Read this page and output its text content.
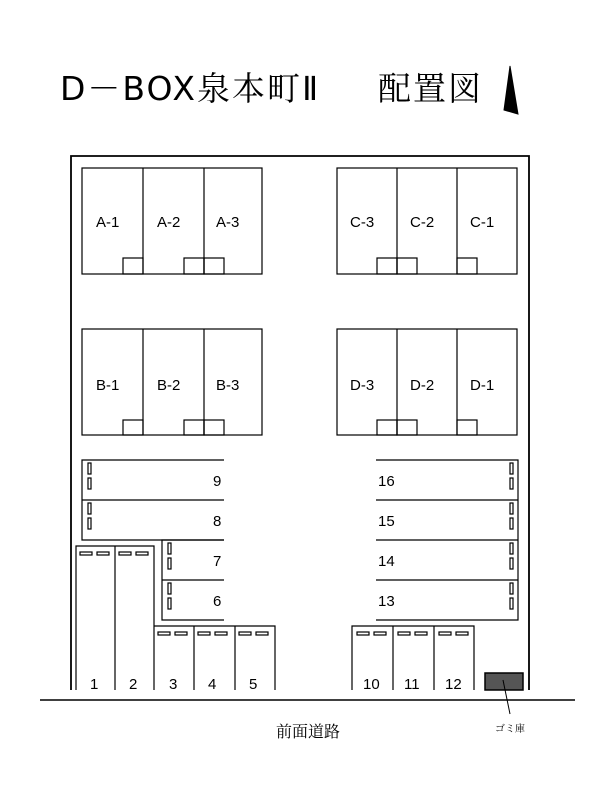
D－BOX泉本町Ⅱ 配置図
A-1	A-2 A-3	C-3 C-2 C-1
B-1	B-2 B-3	D-3 D-2 D-1
9
8
7
6
16
15
14
13
1 2 3 4 5	10 11 12
ゴミ庫
前面道路
